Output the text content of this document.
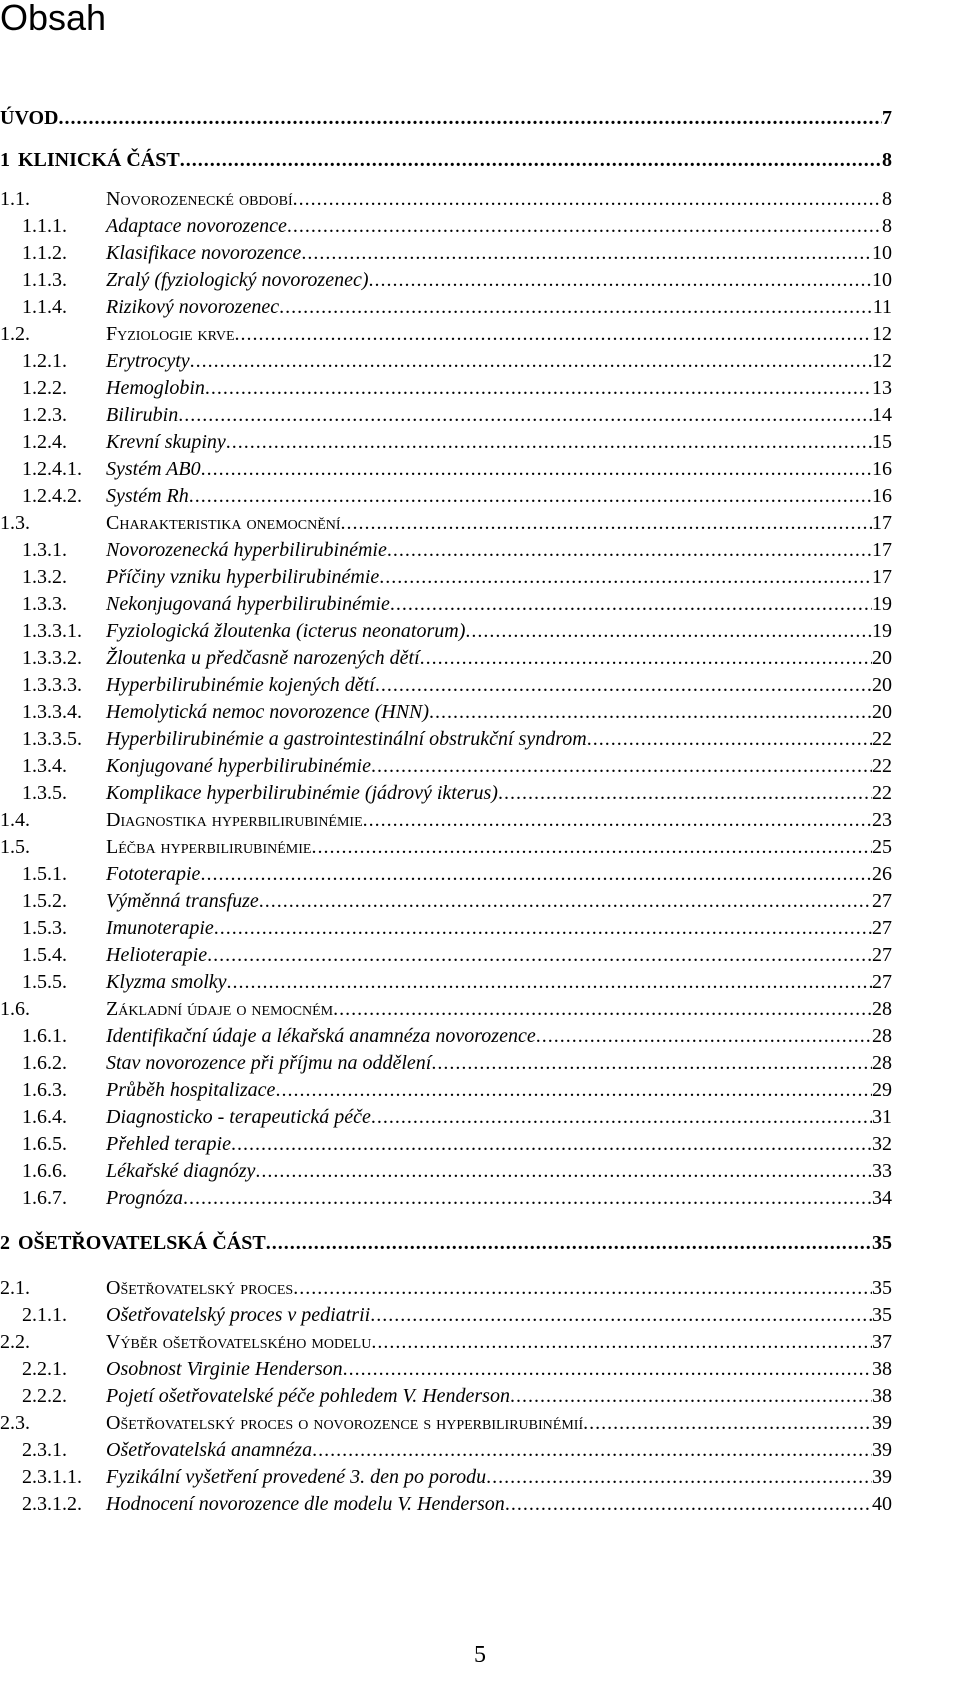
Obsah
ÚVOD .....	7
1 KLINICKÁ ČÁST .....	8
1.1.	Novorozenecké období .....	8
1.1.1.	Adaptace novorozence .....	8
1.1.2.	Klasifikace novorozence .....	10
1.1.3.	Zralý (fyziologický novorozenec) .....	10
1.1.4.	Rizikový novorozenec .....	11
1.2.	Fyziologie krve .....	12
1.2.1.	Erytrocyty .....	12
1.2.2.	Hemoglobin .....	13
1.2.3.	Bilirubin .....	14
1.2.4.	Krevní skupiny .....	15
1.2.4.1.	Systém AB0 .....	16
1.2.4.2.	Systém Rh .....	16
1.3.	Charakteristika onemocnění .....	17
1.3.1.	Novorozenecká hyperbilirubinémie .....	17
1.3.2.	Příčiny vzniku hyperbilirubinémie .....	17
1.3.3.	Nekonjugovaná hyperbilirubinémie .....	19
1.3.3.1.	Fyziologická žloutenka (icterus neonatorum) .....	19
1.3.3.2.	Žloutenka u předčasně narozených dětí .....	20
1.3.3.3.	Hyperbilirubinémie kojených dětí .....	20
1.3.3.4.	Hemolytická nemoc novorozence (HNN) .....	20
1.3.3.5.	Hyperbilirubinémie a gastrointestinální obstrukční syndrom .....	22
1.3.4.	Konjugované hyperbilirubinémie .....	22
1.3.5.	Komplikace hyperbilirubinémie (jádrový ikterus) .....	22
1.4.	Diagnostika hyperbilirubinémie .....	23
1.5.	Léčba hyperbilirubinémie .....	25
1.5.1.	Fototerapie .....	26
1.5.2.	Výměnná transfuze .....	27
1.5.3.	Imunoterapie .....	27
1.5.4.	Helioterapie .....	27
1.5.5.	Klyzma smolky .....	27
1.6.	Základní údaje o nemocném .....	28
1.6.1.	Identifikační údaje a lékařská anamnéza novorozence .....	28
1.6.2.	Stav novorozence při příjmu na oddělení .....	28
1.6.3.	Průběh hospitalizace .....	29
1.6.4.	Diagnosticko - terapeutická péče .....	31
1.6.5.	Přehled terapie .....	32
1.6.6.	Lékařské diagnózy .....	33
1.6.7.	Prognóza .....	34
2 OŠETŘOVATELSKÁ ČÁST .....	35
2.1.	Ošetřovatelský proces .....	35
2.1.1.	Ošetřovatelský proces v pediatrii .....	35
2.2.	Výběr ošetřovatelského modelu .....	37
2.2.1.	Osobnost Virginie Henderson .....	38
2.2.2.	Pojetí ošetřovatelské péče pohledem V. Henderson .....	38
2.3.	Ošetřovatelský proces o novorozence s hyperbilirubinémií .....	39
2.3.1.	Ošetřovatelská anamnéza .....	39
2.3.1.1.	Fyzikální vyšetření provedené 3. den po porodu .....	39
2.3.1.2.	Hodnocení novorozence dle modelu V. Henderson .....	40
5
